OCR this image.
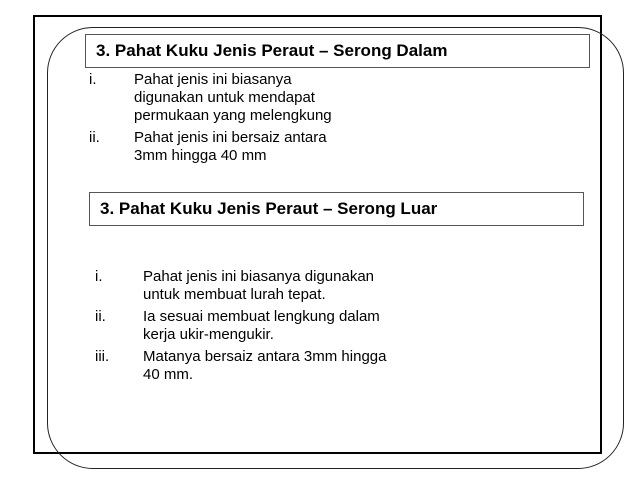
3. Pahat Kuku Jenis Peraut – Serong Dalam
i.	Pahat jenis ini biasanya digunakan untuk mendapat permukaan yang melengkung
ii.	Pahat jenis ini bersaiz antara 3mm hingga 40 mm
3. Pahat Kuku Jenis Peraut – Serong Luar
i.	Pahat jenis ini biasanya digunakan untuk membuat lurah tepat.
ii.	Ia sesuai membuat lengkung dalam kerja ukir-mengukir.
iii.	Matanya bersaiz antara 3mm hingga 40 mm.
